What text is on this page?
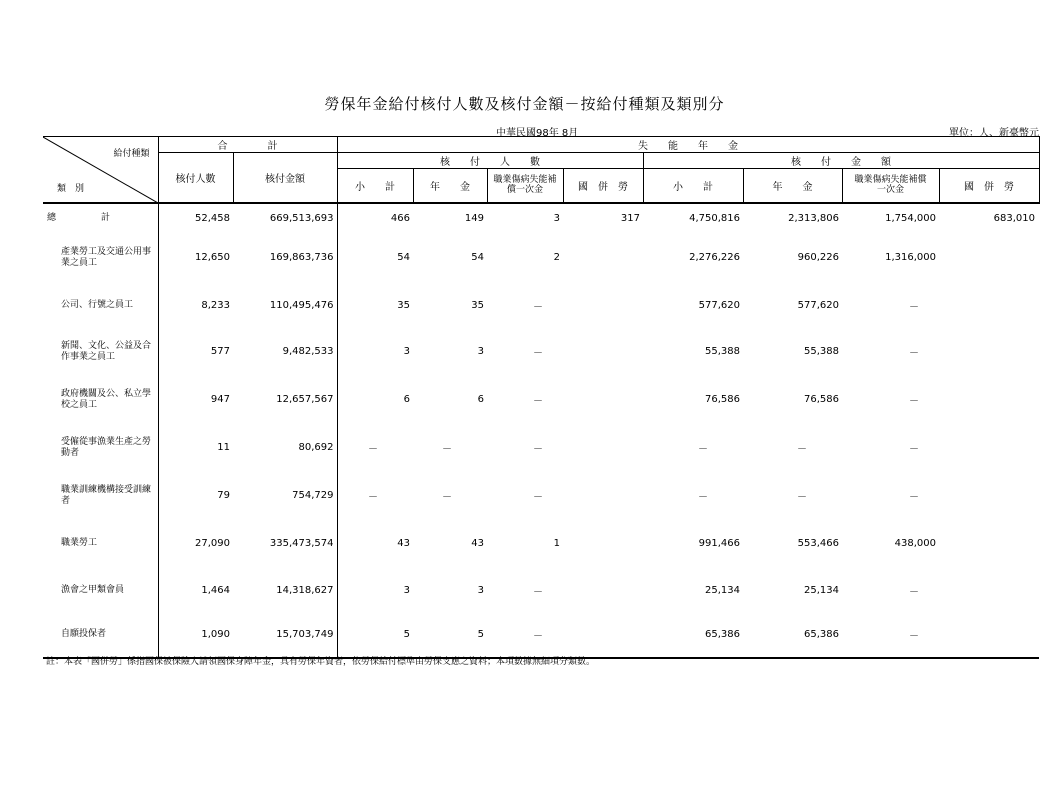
勞保年金給付核付人數及核付金額－按給付種類及類別分
中華民國98年 8月	單位：人、新臺幣元
給付種類
類　別	合　　　　計		失　　能　　年　　金							
	核付人數	核付金額	核　　付　　人　　數				核　　付　　金　　額			
			小　　計	年　　金	職業傷病失能補償一次金	國　併　勞	小　　計	年　　金	職業傷病失能補償一次金	國　併　勞
總　　　　　計	52,458	669,513,693	466	149	3	317	4,750,816	2,313,806	1,754,000	683,010
產業勞工及交通公用事業之員工	12,650	169,863,736	54	54	2		2,276,226	960,226	1,316,000	
公司、行號之員工	8,233	110,495,476	35	35	－		577,620	577,620	－	
新聞、文化、公益及合作事業之員工	577	9,482,533	3	3	－		55,388	55,388	－	
政府機關及公、私立學校之員工	947	12,657,567	6	6	－		76,586	76,586	－	
受僱從事漁業生產之勞動者	11	80,692	－	－	－		－	－	－	
職業訓練機構接受訓練者	79	754,729	－	－	－		－	－	－	
職業勞工	27,090	335,473,574	43	43	1		991,466	553,466	438,000	
漁會之甲類會員	1,464	14,318,627	3	3	－		25,134	25,134	－	
自願投保者	1,090	15,703,749	5	5	－		65,386	65,386	－	
註：本表「國併勞」係指國保被保險人請領國保身障年金，具有勞保年資者，依勞保給付標準由勞保支應之資料；本項數據無細項分類數。
